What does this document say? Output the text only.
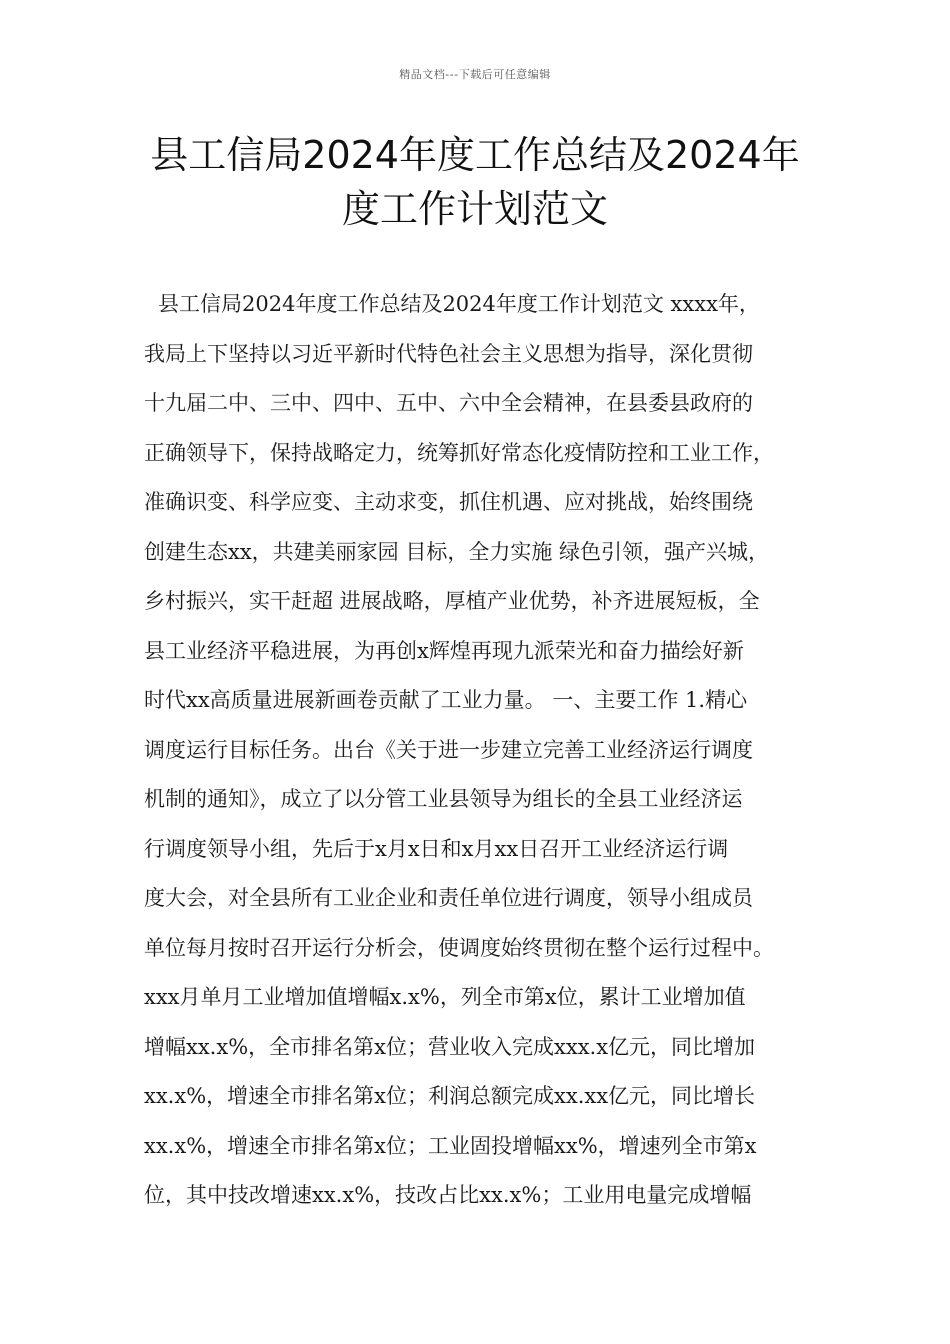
精品文档---下载后可任意编辑
县工信局2024年度工作总结及2024年
度工作计划范文
县工信局2024年度工作总结及2024年度工作计划范文 xxxx年，
我局上下坚持以习近平新时代特色社会主义思想为指导，深化贯彻
十九届二中、三中、四中、五中、六中全会精神，在县委县政府的
正确领导下，保持战略定力，统筹抓好常态化疫情防控和工业工作，
准确识变、科学应变、主动求变，抓住机遇、应对挑战，始终围绕
创建生态xx，共建美丽家园 目标，全力实施 绿色引领，强产兴城，
乡村振兴，实干赶超 进展战略，厚植产业优势，补齐进展短板，全
县工业经济平稳进展，为再创x辉煌再现九派荣光和奋力描绘好新
时代xx高质量进展新画卷贡献了工业力量。 一、主要工作 1.精心
调度运行目标任务。出台《关于进一步建立完善工业经济运行调度
机制的通知》，成立了以分管工业县领导为组长的全县工业经济运
行调度领导小组，先后于x月x日和x月xx日召开工业经济运行调
度大会，对全县所有工业企业和责任单位进行调度，领导小组成员
单位每月按时召开运行分析会，使调度始终贯彻在整个运行过程中。
xxx月单月工业增加值增幅x.x%，列全市第x位，累计工业增加值
增幅xx.x%，全市排名第x位；营业收入完成xxx.x亿元，同比增加
xx.x%，增速全市排名第x位；利润总额完成xx.xx亿元，同比增长
xx.x%，增速全市排名第x位；工业固投增幅xx%，增速列全市第x
位，其中技改增速xx.x%，技改占比xx.x%；工业用电量完成增幅
